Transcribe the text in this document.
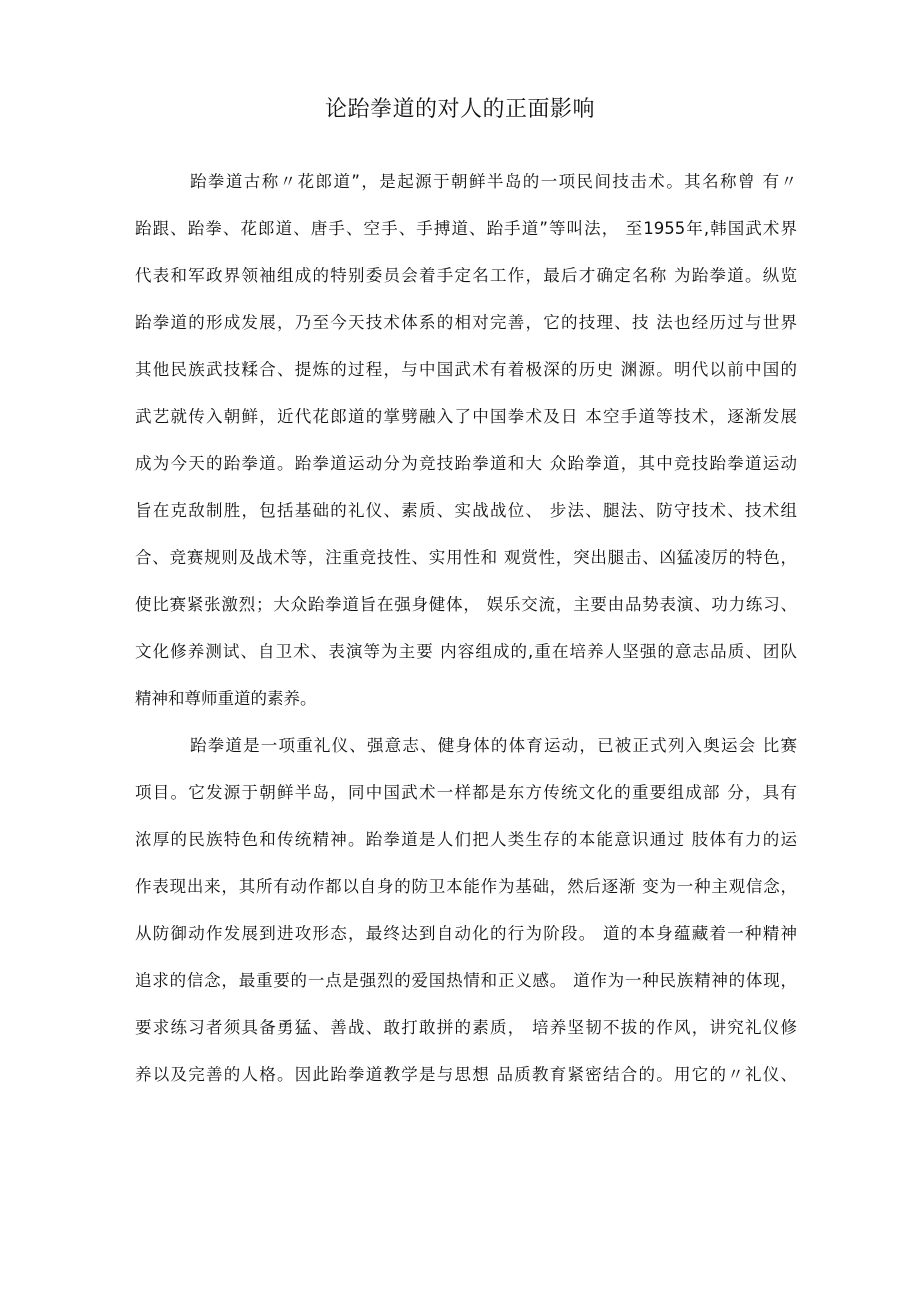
论跆拳道的对人的正面影响

跆拳道古称〃花郎道”，是起源于朝鲜半岛的一项民间技击术。其名称曾 有〃

跆跟、跆拳、花郎道、唐手、空手、手搏道、跆手道”等叫法， 至1955年,韩国武术界

代表和军政界领袖组成的特别委员会着手定名工作，最后才确定名称 为跆拳道。纵览

跆拳道的形成发展，乃至今天技术体系的相对完善，它的技理、技 法也经历过与世界

其他民族武技糅合、提炼的过程，与中国武术有着极深的历史 渊源。明代以前中国的

武艺就传入朝鲜，近代花郎道的掌劈融入了中国拳术及日 本空手道等技术，逐渐发展

成为今天的跆拳道。跆拳道运动分为竞技跆拳道和大 众跆拳道，其中竞技跆拳道运动

旨在克敌制胜，包括基础的礼仪、素质、实战战位、 步法、腿法、防守技术、技术组

合、竞赛规则及战术等，注重竞技性、实用性和 观赏性，突出腿击、凶猛凌厉的特色，

使比赛紧张激烈；大众跆拳道旨在强身健体， 娱乐交流，主要由品势表演、功力练习、

文化修养测试、自卫术、表演等为主要 内容组成的,重在培养人坚强的意志品质、团队

精神和尊师重道的素养。

跆拳道是一项重礼仪、强意志、健身体的体育运动，已被正式列入奥运会 比赛

项目。它发源于朝鲜半岛，同中国武术一样都是东方传统文化的重要组成部 分，具有

浓厚的民族特色和传统精神。跆拳道是人们把人类生存的本能意识通过 肢体有力的运

作表现出来，其所有动作都以自身的防卫本能作为基础，然后逐渐 变为一种主观信念，

从防御动作发展到进攻形态，最终达到自动化的行为阶段。 道的本身蕴藏着一种精神

追求的信念，最重要的一点是强烈的爱国热情和正义感。 道作为一种民族精神的体现，

要求练习者须具备勇猛、善战、敢打敢拼的素质， 培养坚韧不拔的作风，讲究礼仪修

养以及完善的人格。因此跆拳道教学是与思想 品质教育紧密结合的。用它的〃礼仪、
